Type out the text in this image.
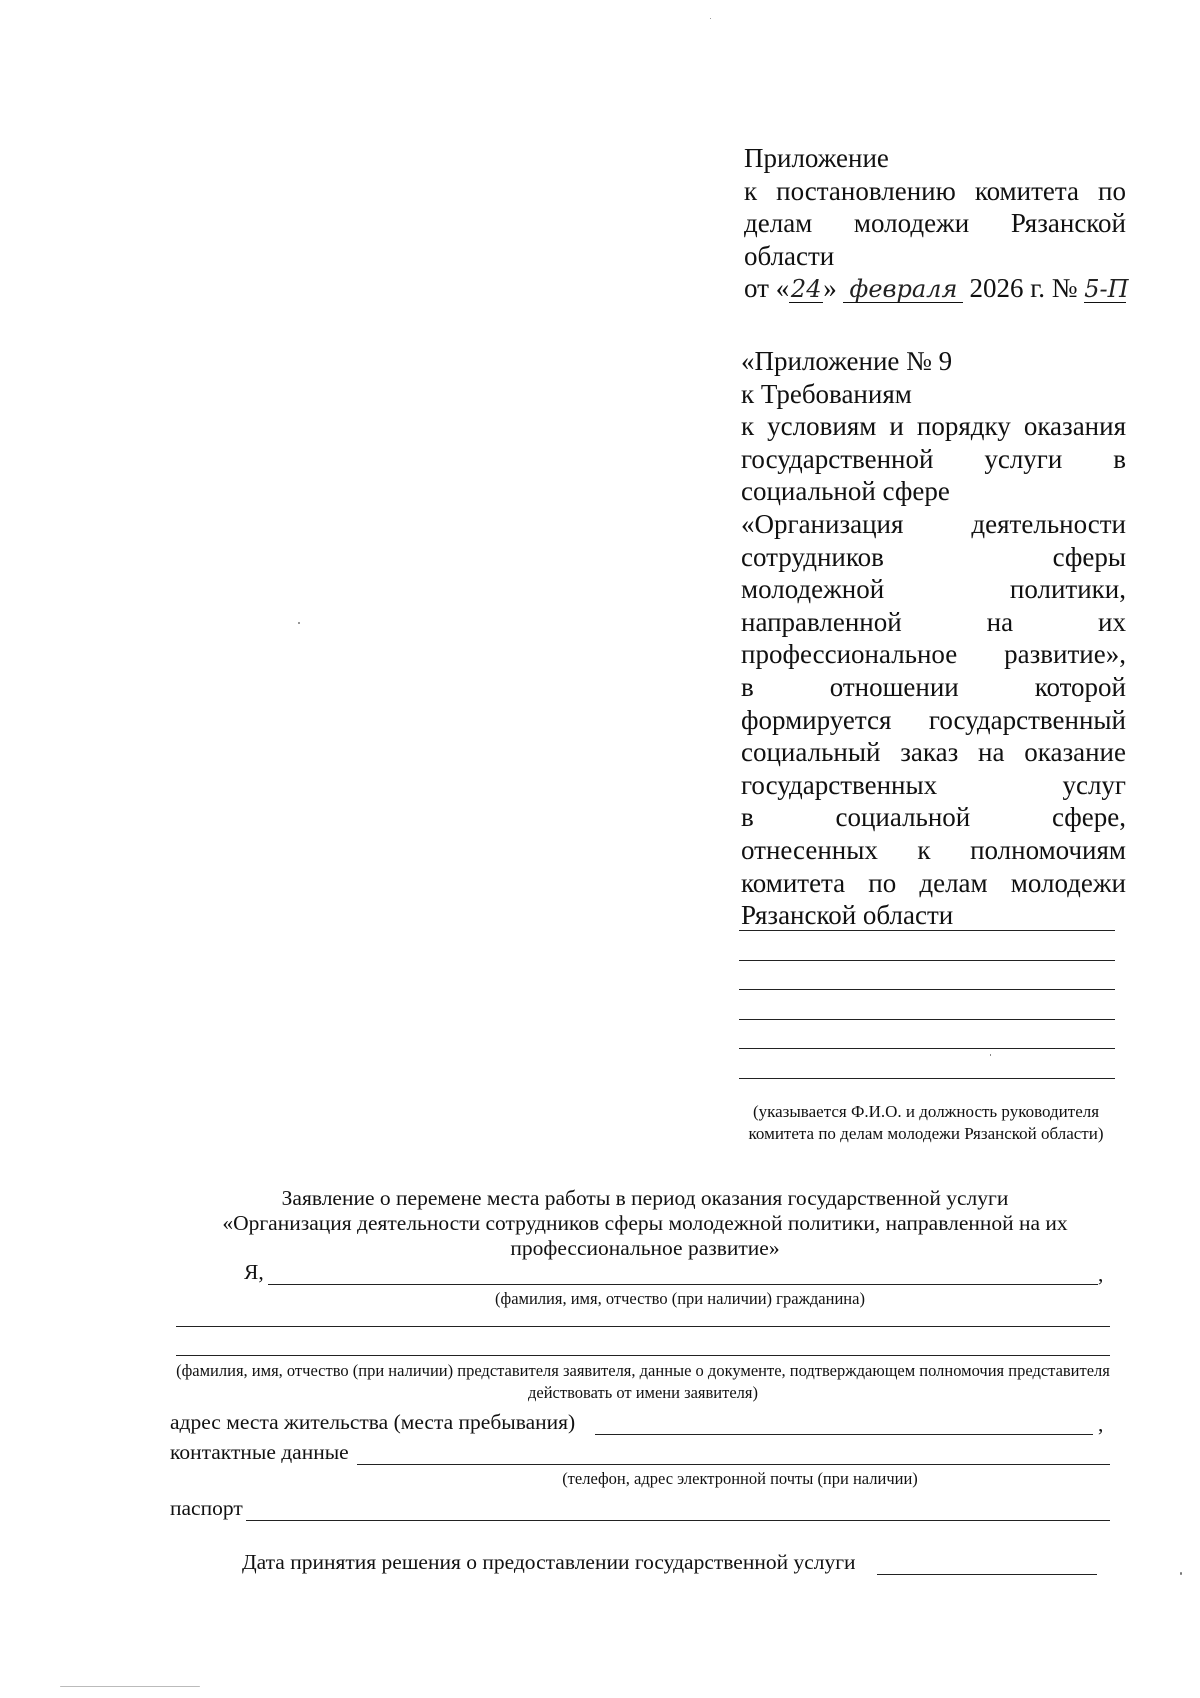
Приложение
к постановлению комитета по делам молодежи Рязанской области
от «24» февраля 2026 г. № 5-П
«Приложение № 9
к Требованиям
к условиям и порядку оказания
государственной услуги в
социальной сфере
«Организация деятельности
сотрудников сферы
молодежной политики,
направленной на их
профессиональное развитие»,
в отношении которой
формируется государственный
социальный заказ на оказание
государственных услуг
в социальной сфере,
отнесенных к полномочиям
комитета по делам молодежи
Рязанской области
(указывается Ф.И.О. и должность руководителя комитета по делам молодежи Рязанской области)
Заявление о перемене места работы в период оказания государственной услуги
«Организация деятельности сотрудников сферы молодежной политики, направленной на их
профессиональное развитие»
Я,	,
(фамилия, имя, отчество (при наличии) гражданина)
(фамилия, имя, отчество (при наличии) представителя заявителя, данные о документе, подтверждающем полномочия представителя действовать от имени заявителя)
адрес места жительства (места пребывания)	,
контактные данные
(телефон, адрес электронной почты (при наличии)
паспорт
Дата принятия решения о предоставлении государственной услуги
